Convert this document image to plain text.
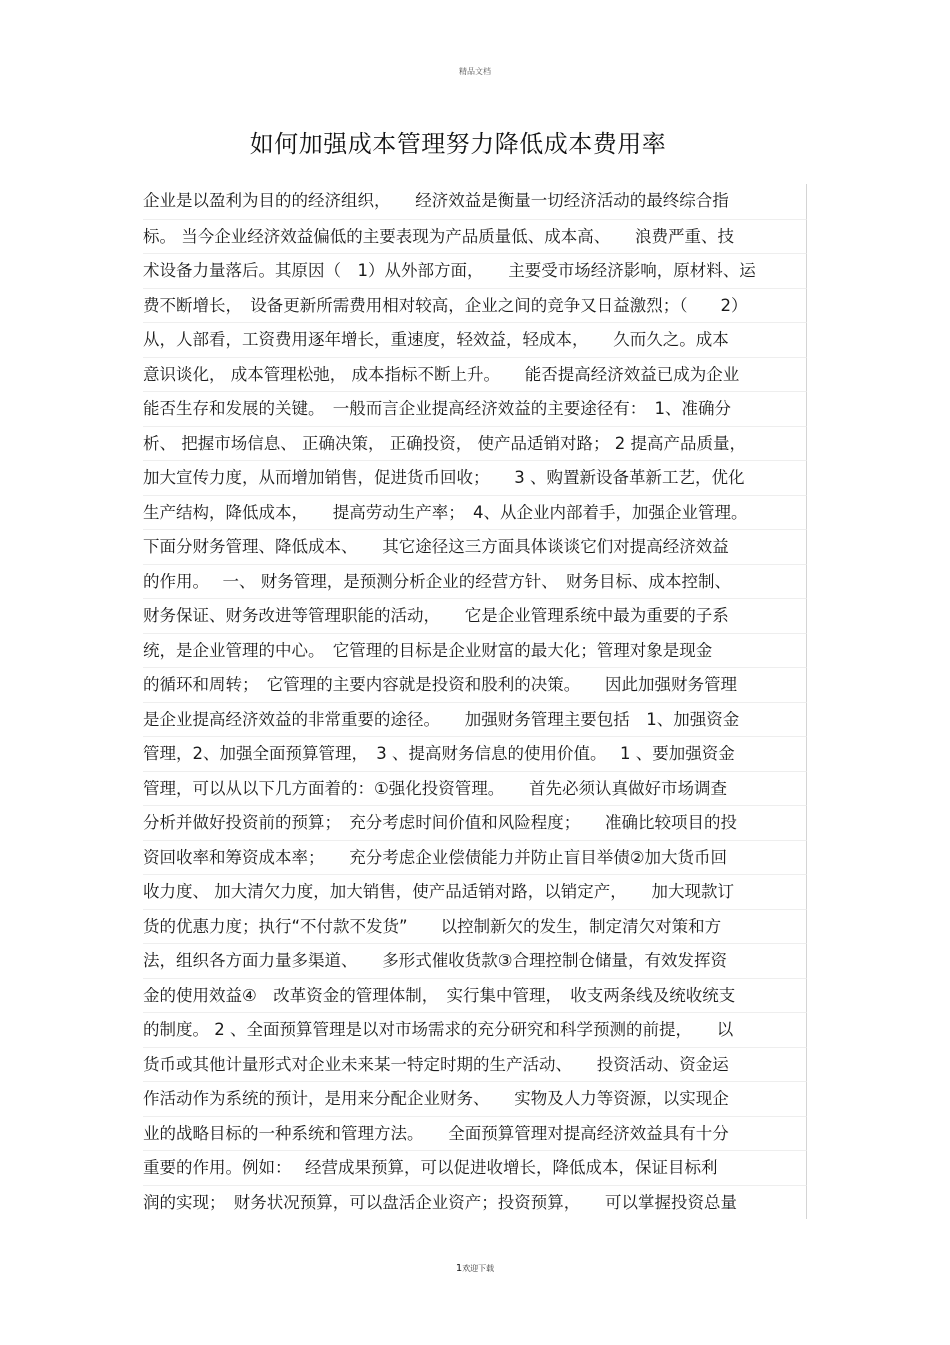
精品文档
如何加强成本管理努力降低成本费用率
企业是以盈利为目的的经济组织，　　经济效益是衡量一切经济活动的最终综合指
标。 当今企业经济效益偏低的主要表现为产品质量低、成本高、　　浪费严重、技
术设备力量落后。其原因（　1）从外部方面，　　主要受市场经济影响，原材料、运
费不断增长，　设备更新所需费用相对较高，企业之间的竞争又日益激烈；（　　2）
从，人部看，工资费用逐年增长，重速度，轻效益，轻成本，　　久而久之。成本
意识谈化， 成本管理松弛， 成本指标不断上升。　　能否提高经济效益已成为企业
能否生存和发展的关键。　一般而言企业提高经济效益的主要途径有：　1、准确分
析、 把握市场信息、 正确决策， 正确投资， 使产品适销对路； 2 提高产品质量，
加大宣传力度，从而增加销售，促进货币回收；　　3 、购置新设备革新工艺，优化
生产结构，降低成本，　　提高劳动生产率；　4、从企业内部着手，加强企业管理。
下面分财务管理、降低成本、　　其它途径这三方面具体谈谈它们对提高经济效益
的作用。　 一、 财务管理，是预测分析企业的经营方针、　财务目标、成本控制、
财务保证、财务改进等管理职能的活动，　　它是企业管理系统中最为重要的子系
统，是企业管理的中心。　它管理的目标是企业财富的最大化；管理对象是现金
的循环和周转；　它管理的主要内容就是投资和股利的决策。　　因此加强财务管理
是企业提高经济效益的非常重要的途径。　　加强财务管理主要包括　1、加强资金
管理，2、加强全面预算管理，　3 、提高财务信息的使用价值。　 1 、要加强资金
管理，可以从以下几方面着的：①强化投资管理。　　首先必须认真做好市场调查
分析并做好投资前的预算；　充分考虑时间价值和风险程度；　　准确比较项目的投
资回收率和筹资成本率；　　充分考虑企业偿债能力并防止盲目举债②加大货币回
收力度、 加大清欠力度，加大销售，使产品适销对路，以销定产，　　加大现款订
货的优惠力度；执行“不付款不发货”　　以控制新欠的发生，制定清欠对策和方
法，组织各方面力量多渠道、　　多形式催收货款③合理控制仓储量，有效发挥资
金的使用效益④　改革资金的管理体制，　实行集中管理，　收支两条线及统收统支
的制度。 2 、全面预算管理是以对市场需求的充分研究和科学预测的前提，　　以
货币或其他计量形式对企业未来某一特定时期的生产活动、　　投资活动、资金运
作活动作为系统的预计，是用来分配企业财务、　　实物及人力等资源，以实现企
业的战略目标的一种系统和管理方法。　　全面预算管理对提高经济效益具有十分
重要的作用。例如：　 经营成果预算，可以促进收增长，降低成本，保证目标利
润的实现；　财务状况预算，可以盘活企业资产；投资预算，　　可以掌握投资总量
1欢迎下载
